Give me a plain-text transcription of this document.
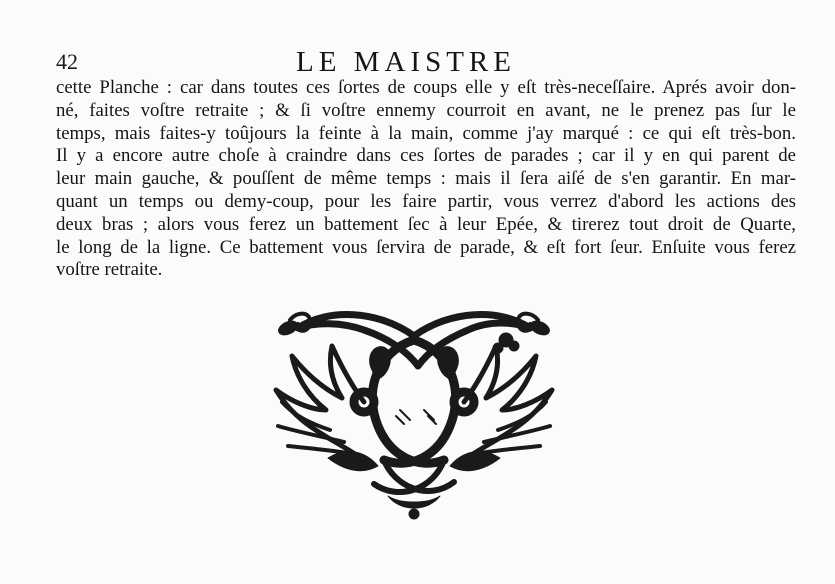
42	LE MAISTRE
cette Planche : car dans toutes ces ſortes de coups elle y eſt très-neceſſaire. Aprés avoir don-
né, faites voſtre retraite ; & ſi voſtre ennemy courroit en avant, ne le prenez pas ſur le
temps, mais faites-y toûjours la feinte à la main, comme j'ay marqué : ce qui eſt très-bon.
Il y a encore autre choſe à craindre dans ces ſortes de parades ; car il y en qui parent de
leur main gauche, & pouſſent de même temps : mais il ſera aiſé de s'en garantir. En mar-
quant un temps ou demy-coup, pour les faire partir, vous verrez d'abord les actions des
deux bras ; alors vous ferez un battement ſec à leur Epée, & tirerez tout droit de Quarte,
le long de la ligne. Ce battement vous ſervira de parade, & eſt fort ſeur. Enſuite vous ferez
voſtre retraite.
